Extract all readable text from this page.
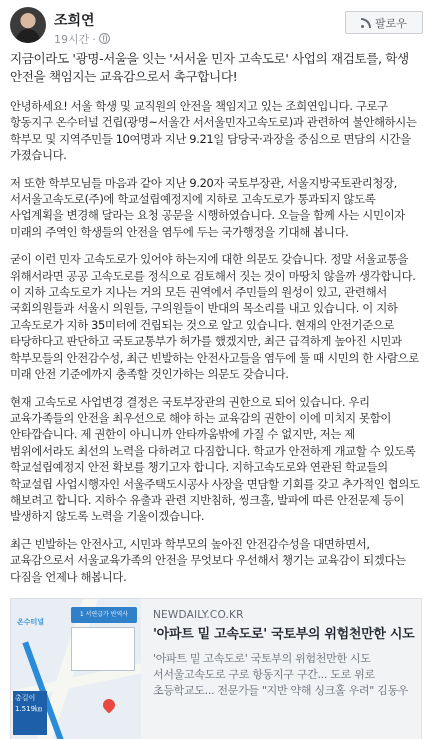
조희연
19시간 ·
팔로우

지금이라도 '광명-서울을 잇는 '서서울 민자 고속도로' 사업의 재검토를, 학생 안전을 책임지는 교육감으로서 촉구합니다!

안녕하세요! 서울 학생 및 교직원의 안전을 책임지고 있는 조희연입니다. 구로구 항동지구 온수터널 건립(광명~서울간 서서울민자고속도로)과 관련하여 불안해하시는 학부모 및 지역주민들 10여명과 지난 9.21일 담당국·과장을 중심으로 면담의 시간을 가졌습니다.

저 또한 학부모님들 마음과 같아 지난 9.20자 국토부장관, 서울지방국토관리청장, 서서울고속도로(주)에 학교설립예정지에 지하로 고속도로가 통과되지 않도록 사업계획을 변경해 달라는 요청 공문을 시행하였습니다. 오늘을 함께 사는 시민이자 미래의 주역인 학생들의 안전을 염두에 두는 국가행정을 기대해 봅니다.

굳이 이런 민자 고속도로가 있어야 하는지에 대한 의문도 갖습니다. 정말 서울교통을 위해서라면 공공 고속도로를 정식으로 검토해서 짓는 것이 마땅치 않을까 생각합니다. 이 지하 고속도로가 지나는 거의 모든 권역에서 주민들의 원성이 있고, 관련해서 국회의원들과 서울시 의원들, 구의원들이 반대의 목소리를 내고 있습니다. 이 지하 고속도로가 지하 35미터에 건립되는 것으로 알고 있습니다. 현재의 안전기준으로 타당하다고 판단하고 국토교통부가 허가를 했겠지만, 최근 급격하게 높아진 시민과 학부모들의 안전감수성, 최근 빈발하는 안전사고들을 염두에 둘 때 시민의 한 사람으로 미래 안전 기준에까지 충족할 것인가하는 의문도 갖습니다.

현재 고속도로 사업변경 결정은 국토부장관의 권한으로 되어 있습니다. 우리 교육가족들의 안전을 최우선으로 해야 하는 교육감의 권한이 이에 미치지 못함이 안타깝습니다. 제 권한이 아니니까 안타까움밖에 가질 수 없지만, 저는 제 범위에서라도 최선의 노력을 다하려고 다짐합니다. 학교가 안전하게 개교할 수 있도록 학교설립예정지 안전 확보를 챙기고자 합니다. 지하고속도로와 연관된 학교들의 학교설립 사업시행자인 서울주택도시공사 사장을 면담할 기회를 갖고 추가적인 협의도 해보려고 합니다. 지하수 유출과 관련 지반침하, 씽크홀, 발파에 따른 안전문제 등이 발생하지 않도록 노력을 기울이겠습니다.

최근 빈발하는 안전사고, 시민과 학부모의 높아진 안전감수성을 대면하면서, 교육감으로서 서울교육가족의 안전을 무엇보다 우선해서 챙기는 교육감이 되겠다는 다짐을 언제나 해봅니다.

온수터널
1 서연급가 반역사
총길이 1.519㎞
NEWDAILY.CO.KR
'아파트 밑 고속도로' 국토부의 위험천만한 시도
'아파트 밑 고속도로' 국토부의 위험천만한 시도 서서울고속도로 구로 항동지구 구간... 도로 위로 초등학교도... 전문가들 "지반 약해 싱크홀 우려" 김동우
